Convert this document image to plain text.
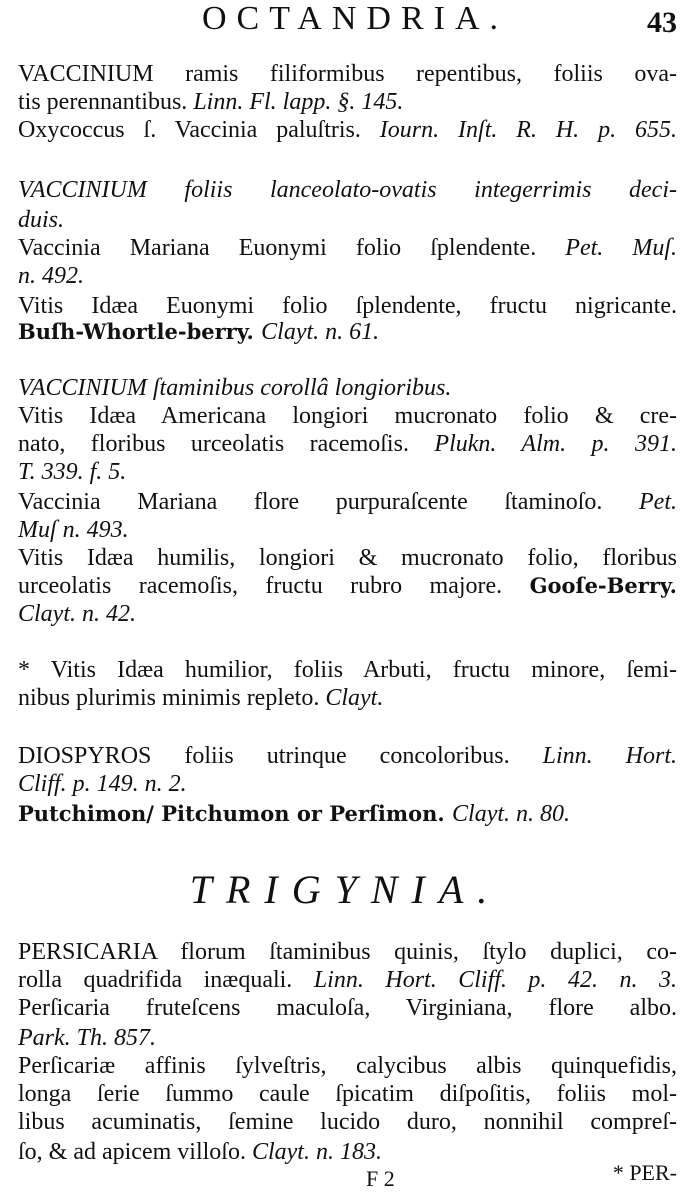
OCTANDRIA.	43
VACCINIUM ramis filiformibus repentibus, foliis ova-
tis perennantibus. Linn. Fl. lapp. §. 145.
Oxycoccus ſ. Vaccinia paluſtris. Iourn. Inſt. R. H. p. 655.
VACCINIUM foliis lanceolato-ovatis integerrimis deci-
duis.
Vaccinia Mariana Euonymi folio ſplendente. Pet. Muſ.
n. 492.
Vitis Idæa Euonymi folio ſplendente, fructu nigricante.
Buſh-Whortle-berry. Clayt. n. 61.
VACCINIUM ſtaminibus corollâ longioribus.
Vitis Idæa Americana longiori mucronato folio & cre-
nato, floribus urceolatis racemoſis. Plukn. Alm. p. 391.
T. 339. f. 5.
Vaccinia Mariana flore purpuraſcente ſtaminoſo. Pet.
Muſ n. 493.
Vitis Idæa humilis, longiori & mucronato folio, floribus
urceolatis racemoſis, fructu rubro majore. Gooſe-Berry.
Clayt. n. 42.
* Vitis Idæa humilior, foliis Arbuti, fructu minore, ſemi-
nibus plurimis minimis repleto. Clayt.
DIOSPYROS foliis utrinque concoloribus. Linn. Hort.
Cliff. p. 149. n. 2.
Putchimon/ Pitchumon or Perſimon. Clayt. n. 80.
PERSICARIA florum ſtaminibus quinis, ſtylo duplici, co-
rolla quadrifida inæquali. Linn. Hort. Cliff. p. 42. n. 3.
Perſicaria fruteſcens maculoſa, Virginiana, flore albo.
Park. Th. 857.
Perſicariæ affinis ſylveſtris, calycibus albis quinquefidis,
longa ſerie ſummo caule ſpicatim diſpoſitis, foliis mol-
libus acuminatis, ſemine lucido duro, nonnihil compreſ-
ſo, & ad apicem villoſo. Clayt. n. 183.
TRIGYNIA.
F 2	* PER-
